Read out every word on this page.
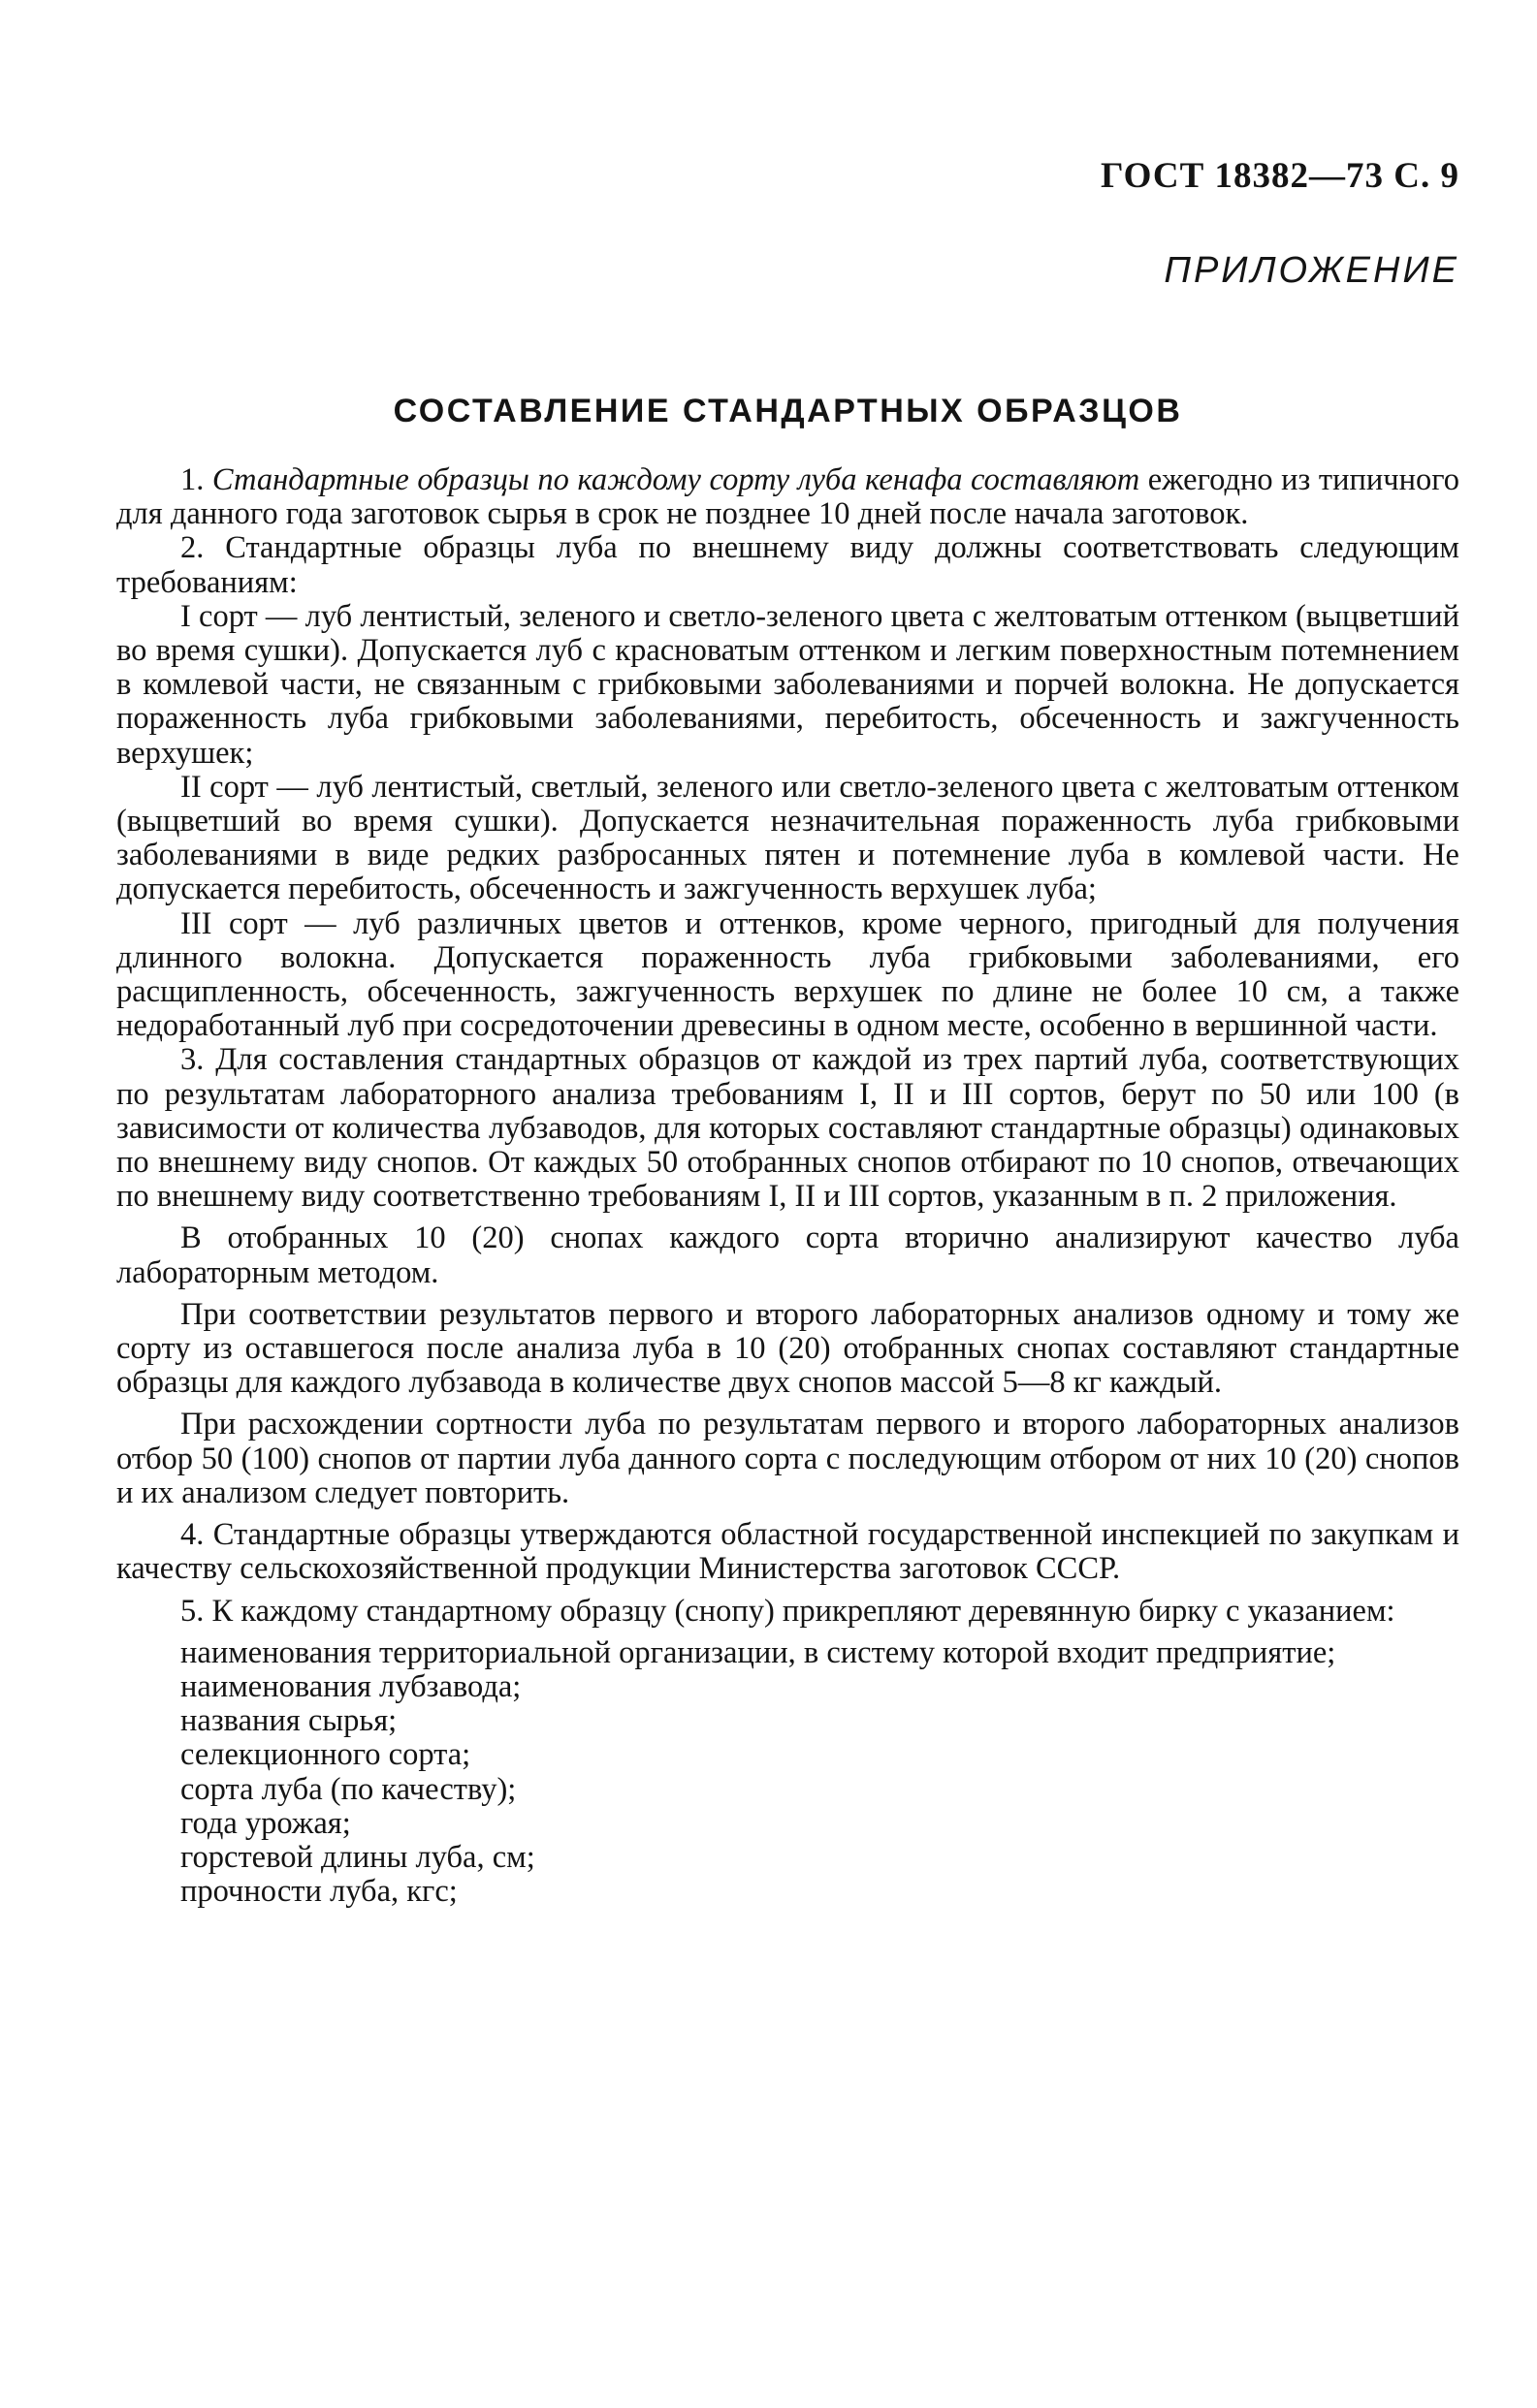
ГОСТ 18382—73 С. 9
ПРИЛОЖЕНИЕ
СОСТАВЛЕНИЕ СТАНДАРТНЫХ ОБРАЗЦОВ

1. Стандартные образцы по каждому сорту луба кенафа составляют ежегодно из типичного для данного года заготовок сырья в срок не позднее 10 дней после начала заготовок.

2. Стандартные образцы луба по внешнему виду должны соответствовать следующим требованиям:

I сорт — луб лентистый, зеленого и светло-зеленого цвета с желтоватым оттенком (выцветший во время сушки). Допускается луб с красноватым оттенком и легким поверхностным потемнением в комлевой части, не связанным с грибковыми заболеваниями и порчей волокна. Не допускается пораженность луба грибковыми заболеваниями, перебитость, обсеченность и зажгученность верхушек;

II сорт — луб лентистый, светлый, зеленого или светло-зеленого цвета с желтоватым оттенком (выцветший во время сушки). Допускается незначительная пораженность луба грибковыми заболеваниями в виде редких разбросанных пятен и потемнение луба в комлевой части. Не допускается перебитость, обсеченность и зажгученность верхушек луба;

III сорт — луб различных цветов и оттенков, кроме черного, пригодный для получения длинного волокна. Допускается пораженность луба грибковыми заболеваниями, его расщипленность, обсеченность, зажгученность верхушек по длине не более 10 см, а также недоработанный луб при сосредоточении древесины в одном месте, особенно в вершинной части.

3. Для составления стандартных образцов от каждой из трех партий луба, соответствующих по результатам лабораторного анализа требованиям I, II и III сортов, берут по 50 или 100 (в зависимости от количества лубзаводов, для которых составляют стандартные образцы) одинаковых по внешнему виду снопов. От каждых 50 отобранных снопов отбирают по 10 снопов, отвечающих по внешнему виду соответственно требованиям I, II и III сортов, указанным в п. 2 приложения.

В отобранных 10 (20) снопах каждого сорта вторично анализируют качество луба лабораторным методом.

При соответствии результатов первого и второго лабораторных анализов одному и тому же сорту из оставшегося после анализа луба в 10 (20) отобранных снопах составляют стандартные образцы для каждого лубзавода в количестве двух снопов массой 5—8 кг каждый.

При расхождении сортности луба по результатам первого и второго лабораторных анализов отбор 50 (100) снопов от партии луба данного сорта с последующим отбором от них 10 (20) снопов и их анализом следует повторить.

4. Стандартные образцы утверждаются областной государственной инспекцией по закупкам и качеству сельскохозяйственной продукции Министерства заготовок СССР.

5. К каждому стандартному образцу (снопу) прикрепляют деревянную бирку с указанием:

наименования территориальной организации, в систему которой входит предприятие;

наименования лубзавода;

названия сырья;

селекционного сорта;

сорта луба (по качеству);

года урожая;

горстевой длины луба, см;

прочности луба, кгс;
